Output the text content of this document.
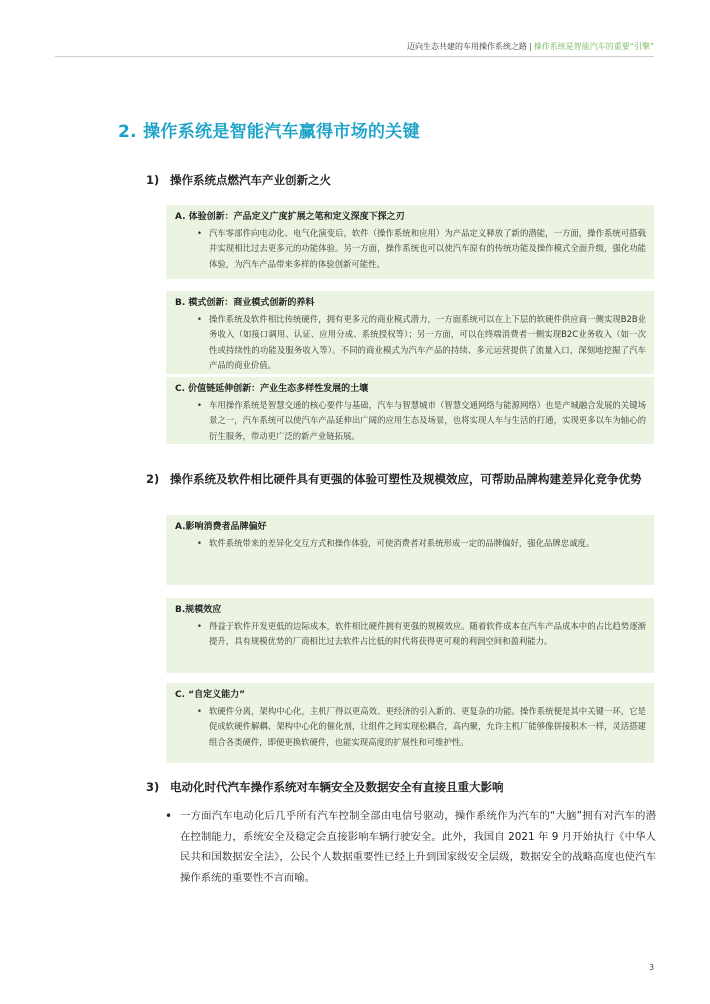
迈向生态共建的车用操作系统之路 | 操作系统是智能汽车的重要“引擎”
2. 操作系统是智能汽车赢得市场的关键
1) 操作系统点燃汽车产业创新之火
A. 体验创新：产品定义广度扩展之笔和定义深度下探之刃
• 汽车零部件向电动化、电气化演变后，软件（操作系统和应用）为产品定义释放了新的潜能，一方面，操作系统可搭载并实现相比过去更多元的功能体验。另一方面，操作系统也可以使汽车原有的传统功能及操作模式全面升级，强化功能体验，为汽车产品带来多样的体验创新可能性。
B. 模式创新：商业模式创新的养料
• 操作系统及软件相比传统硬件，拥有更多元的商业模式潜力，一方面系统可以在上下层的软硬件供应商一侧实现B2B业务收入（如接口调用、认证、应用分成、系统授权等）；另一方面，可以在终端消费者一侧实现B2C业务收入（如一次性或持续性的功能及服务收入等）。不同的商业模式为汽车产品的持续、多元运营提供了流量入口，深刻地挖掘了汽车产品的商业价值。
C. 价值链延伸创新：产业生态多样性发展的土壤
• 车用操作系统是智慧交通的核心要件与基础，汽车与智慧城市（智慧交通网络与能源网络）也是产城融合发展的关键场景之一，汽车系统可以使汽车产品延伸出广阔的应用生态及场景，也将实现人车与生活的打通，实现更多以车为轴心的衍生服务，带动更广泛的新产业链拓展。
2) 操作系统及软件相比硬件具有更强的体验可塑性及规模效应，可帮助品牌构建差异化竞争优势
A.影响消费者品牌偏好
• 软件系统带来的差异化交互方式和操作体验，可使消费者对系统形成一定的品牌偏好，强化品牌忠诚度。
B.规模效应
• 得益于软件开发更低的边际成本，软件相比硬件拥有更强的规模效应。随着软件成本在汽车产品成本中的占比趋势逐渐提升，具有规模优势的厂商相比过去软件占比低的时代将获得更可观的利润空间和盈利能力。
C. “自定义能力”
• 软硬件分离，架构中心化，主机厂得以更高效、更经济的引入新的、更复杂的功能。操作系统便是其中关键一环，它是促成软硬件解耦、架构中心化的催化剂，让组件之间实现松耦合，高内聚，允许主机厂能够像拼接积木一样，灵活搭建组合各类硬件，即便更换软硬件，也能实现高度的扩展性和可维护性。
3) 电动化时代汽车操作系统对车辆安全及数据安全有直接且重大影响
• 一方面汽车电动化后几乎所有汽车控制全部由电信号驱动，操作系统作为汽车的“大脑”拥有对汽车的潜在控制能力，系统安全及稳定会直接影响车辆行驶安全。此外，我国自 2021 年 9 月开始执行《中华人民共和国数据安全法》，公民个人数据重要性已经上升到国家级安全层级，数据安全的战略高度也使汽车操作系统的重要性不言而喻。
3
